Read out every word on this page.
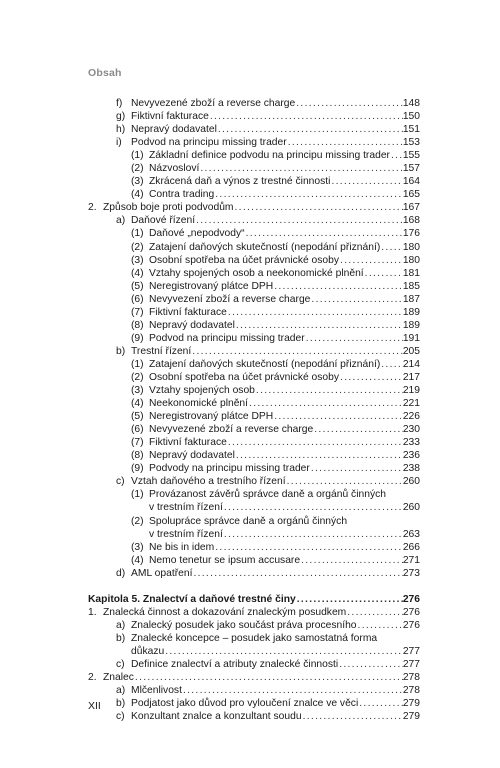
Obsah
f) Nevyvezené zboží a reverse charge .....	148
g) Fiktivní fakturace .....	150
h) Nepravý dodavatel .....	151
i) Podvod na principu missing trader .....	153
(1) Základní definice podvodu na principu missing trader ..... 155
(2) Názvosloví .....	157
(3) Zkrácená daň a výnos z trestné činnosti .....	164
(4) Contra trading .....	165
2. Způsob boje proti podvodům .....	167
a) Daňové řízení .....	168
(1) Daňové „nepodvody“ .....	176
(2) Zatajení daňových skutečností (nepodání přiznání) ..... 180
(3) Osobní spotřeba na účet právnické osoby .....	180
(4) Vztahy spojených osob a neekonomické plnění .....	181
(5) Neregistrovaný plátce DPH .....	185
(6) Nevyvezení zboží a reverse charge .....	187
(7) Fiktivní fakturace .....	189
(8) Nepravý dodavatel .....	189
(9) Podvod na principu missing trader .....	191
b) Trestní řízení .....	205
(1) Zatajení daňových skutečností (nepodání přiznání) ..... 214
(2) Osobní spotřeba na účet právnické osoby .....	217
(3) Vztahy spojených osob .....	219
(4) Neekonomické plnění .....	221
(5) Neregistrovaný plátce DPH .....	226
(6) Nevyvezené zboží a reverse charge .....	230
(7) Fiktivní fakturace .....	233
(8) Nepravý dodavatel .....	236
(9) Podvody na principu missing trader .....	238
c) Vztah daňového a trestního řízení .....	260
(1) Provázanost závěrů správce daně a orgánů činných
v trestním řízení .....	260
(2) Spolupráce správce daně a orgánů činných
v trestním řízení .....	263
(3) Ne bis in idem .....	266
(4) Nemo tenetur se ipsum accusare .....	271
d) AML opatření .....	273
Kapitola 5. Znalectví a daňové trestné činy .....	276
1. Znalecká činnost a dokazování znaleckým posudkem .....	276
a) Znalecký posudek jako součást práva procesního .....	276
b) Znalecké koncepce – posudek jako samostatná forma
důkazu .....	277
c) Definice znalectví a atributy znalecké činnosti .....	277
2. Znalec .....	278
a) Mlčenlivost .....	278
b) Podjatost jako důvod pro vyloučení znalce ve věci .....	279
c) Konzultant znalce a konzultant soudu .....	279
XII
